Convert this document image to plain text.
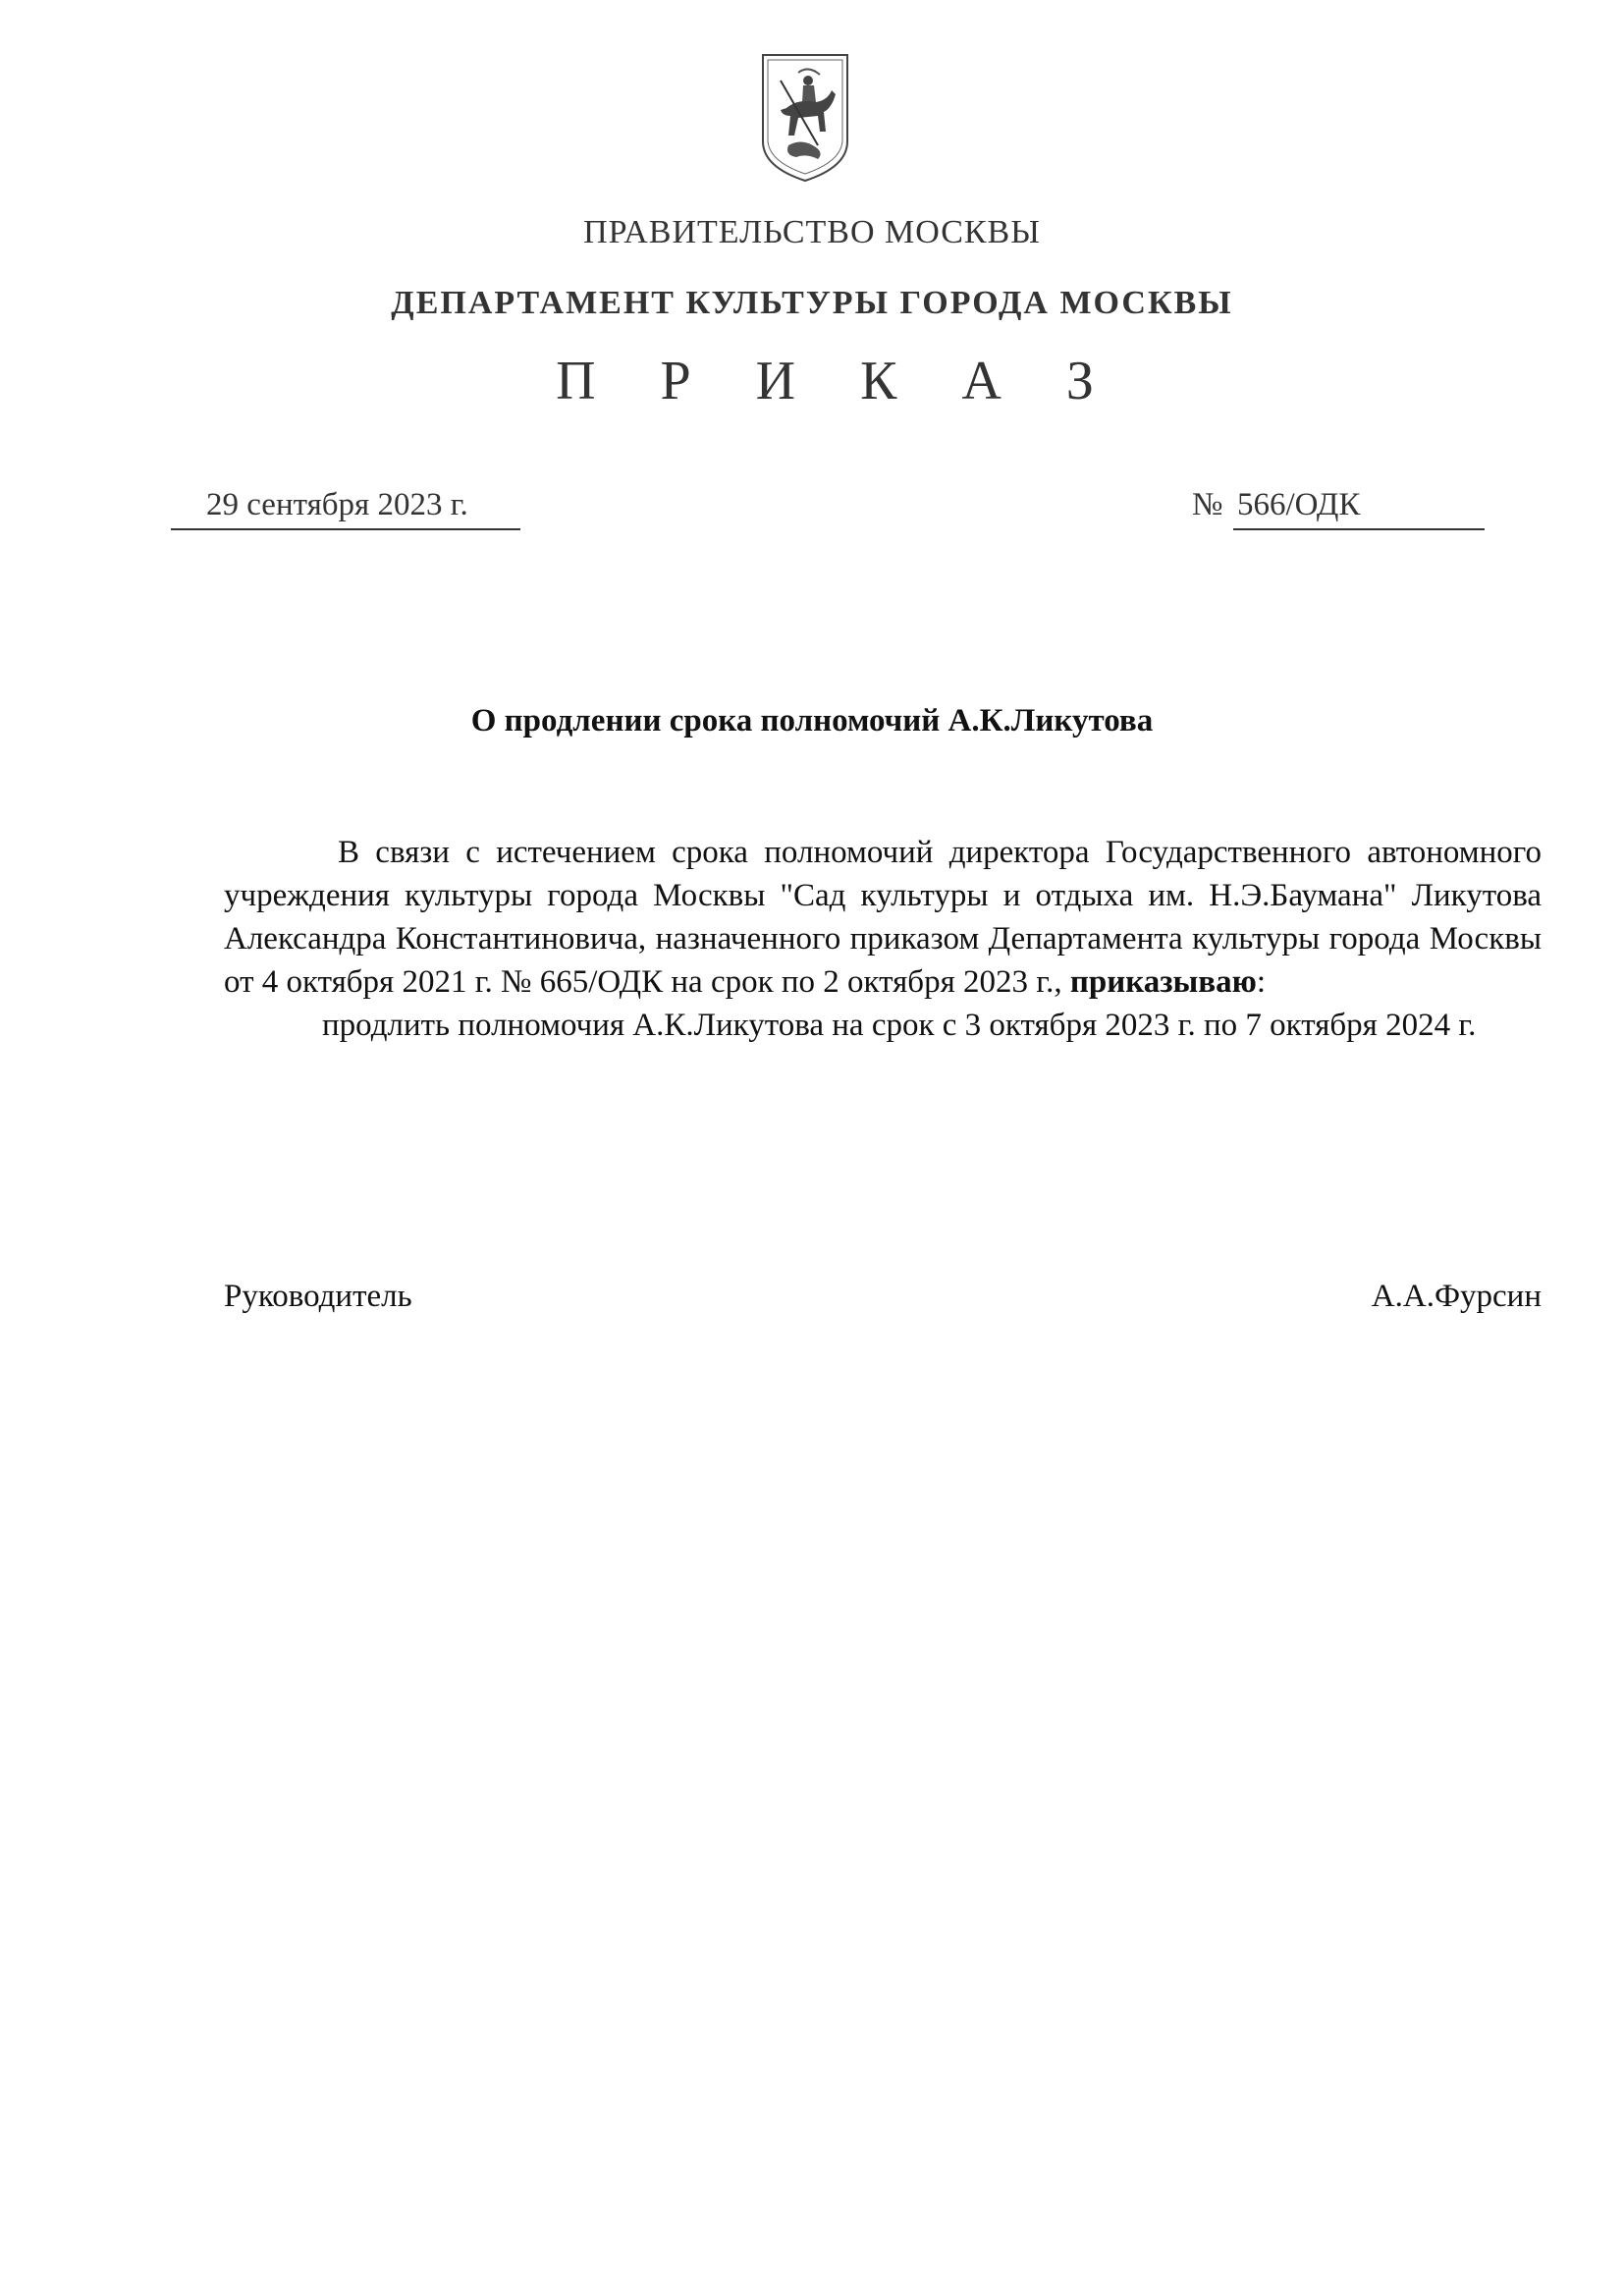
ПРАВИТЕЛЬСТВО МОСКВЫ
ДЕПАРТАМЕНТ КУЛЬТУРЫ ГОРОДА МОСКВЫ
П Р И К А З
29 сентября 2023 г.	№ 566/ОДК
О продлении срока полномочий А.К.Ликутова

В связи с истечением срока полномочий директора Государственного автономного учреждения культуры города Москвы "Сад культуры и отдыха им. Н.Э.Баумана" Ликутова Александра Константиновича, назначенного приказом Департамента культуры города Москвы от 4 октября 2021 г. № 665/ОДК на срок по 2 октября 2023 г., приказываю:

продлить полномочия А.К.Ликутова на срок с 3 октября 2023 г. по 7 октября 2024 г.

Руководитель	А.А.Фурсин
